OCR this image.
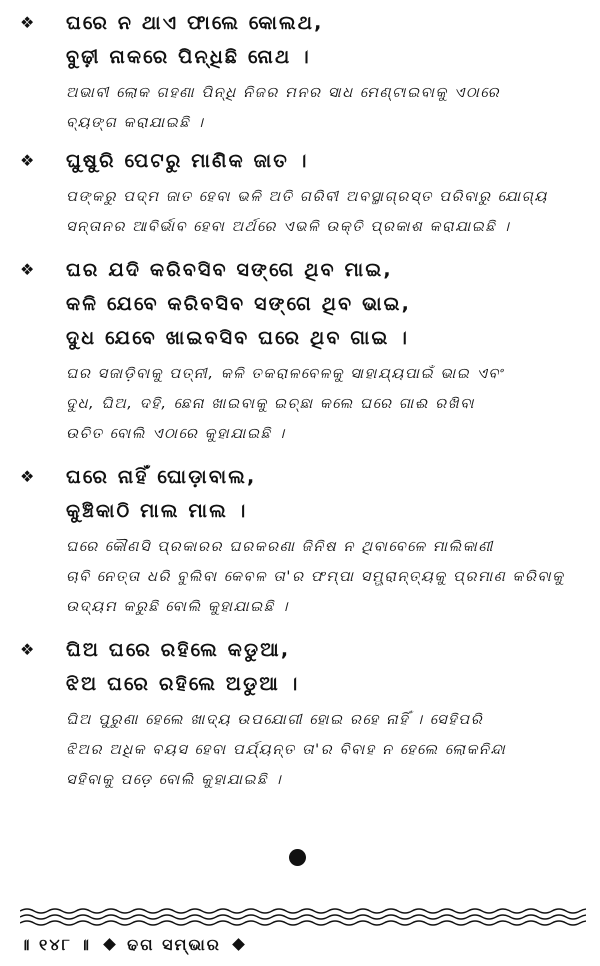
❖ ଘରେ ନ ଥାଏ ଫାଲେ କୋଲଥ,
ବୁଢ଼ୀ ନାକରେ ପିନ୍ଧିଛି ନୋଥ ।
ଅଭାବୀ ଲୋକ ଗହଣା ପିନ୍ଧି ନିଜର ମନର ସାଧ ମେଣ୍ଟାଇବାକୁ ଏଠାରେ
ବ୍ୟଙ୍ଗ କରାଯାଇଛି ।
❖ ଘୁଷୁରି ପେଟରୁ ମାଣିକ ଜାତ ।
ପଙ୍କରୁ ପଦ୍ମ ଜାତ ହେବା ଭଳି ଅତି ଗରିବୀ ଅବସ୍ଥାଗ୍ରସ୍ତ ପରିବାରୁ ଯୋଗ୍ୟ
ସନ୍ତାନର ଆବିର୍ଭାବ ହେବା ଅର୍ଥରେ ଏଭଳି ଉକ୍ତି ପ୍ରକାଶ କରାଯାଇଛି ।
❖ ଘର ଯଦି କରିବସିବ ସଙ୍ଗେ ଥିବ ମାଇ,
କଳି ଯେବେ କରିବସିବ ସଙ୍ଗେ ଥିବ ଭାଇ,
ଦୁଧ ଯେବେ ଖାଇବସିବ ଘରେ ଥିବ ଗାଇ ।
ଘର ସଜାଡ଼ିବାକୁ ପତ୍ନୀ, କଳି ତକରାଳବେଳକୁ ସାହାଯ୍ୟପାଇଁ ଭାଇ ଏବଂ
ଦୁଧ, ଘିଅ, ଦହି, ଛେନା ଖାଇବାକୁ ଇଚ୍ଛା କଲେ ଘରେ ଗାଈ ରଖିବା
ଉଚିତ ବୋଲି ଏଠାରେ କୁହାଯାଇଛି ।
❖ ଘରେ ନାହିଁ ଘୋଡ଼ାବାଲ,
କୁଞ୍ଚିକାଠି ମାଲ ମାଲ ।
ଘରେ କୌଣସି ପ୍ରକାରର ଘରକରଣା ଜିନିଷ ନ ଥିବାବେଳେ ମାଲିକାଣୀ
ଚାବି ନେତ୍ତା ଧରି ବୁଲିବା କେବଳ ତା'ର ଫମ୍ପା ସମ୍ଭ୍ରାନ୍ତ୍ୟକୁ ପ୍ରମାଣ କରିବାକୁ
ଉଦ୍ୟମ କରୁଛି ବୋଲି କୁହାଯାଇଛି ।
❖ ଘିଅ ଘରେ ରହିଲେ କଡୁଆ,
ଝିଅ ଘରେ ରହିଲେ ଅଡୁଆ ।
ଘିଅ ପୁରୁଣା ହେଲେ ଖାଦ୍ୟ ଉପଯୋଗୀ ହୋଇ ରହେ ନାହିଁ । ସେହିପରି
ଝିଅର ଅଧିକ ବୟସ ହେବା ପର୍ଯ୍ୟନ୍ତ ତା'ର ବିବାହ ନ ହେଲେ ଲୋକନିନ୍ଦା
ସହିବାକୁ ପଡ଼େ ବୋଲି କୁହାଯାଇଛି ।
॥ ୧୪୮ ॥ ଢଗ ସମ୍ଭାର
